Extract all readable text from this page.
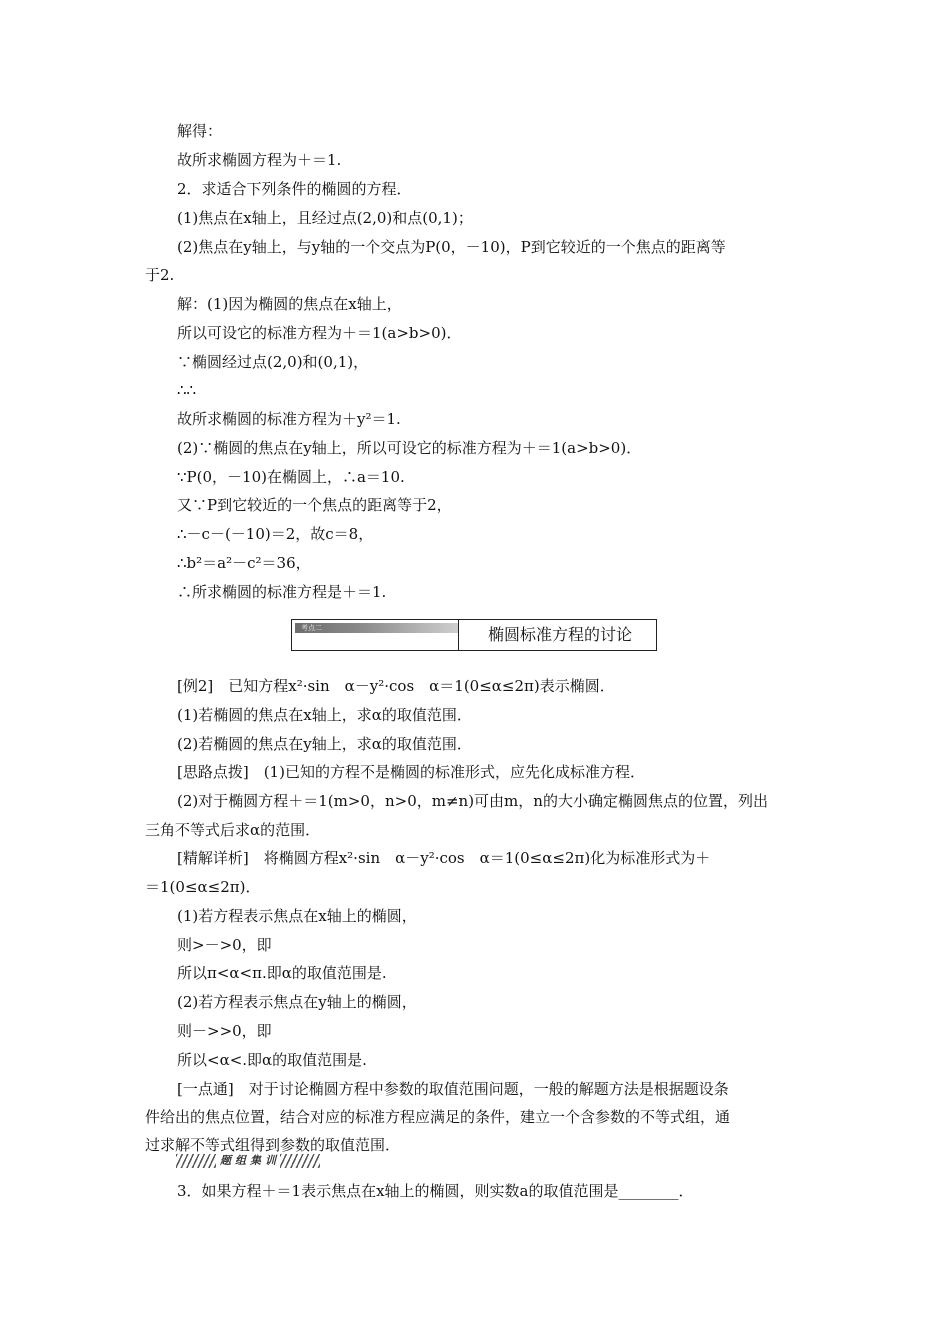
解得：
故所求椭圆方程为＋＝1.
2．求适合下列条件的椭圆的方程．
(1)焦点在x轴上，且经过点(2,0)和点(0,1)；
(2)焦点在y轴上，与y轴的一个交点为P(0，－10)，P到它较近的一个焦点的距离等
于2.
解：(1)因为椭圆的焦点在x轴上，
所以可设它的标准方程为＋＝1(a>b>0)．
∵椭圆经过点(2,0)和(0,1)，
∴∴
故所求椭圆的标准方程为＋y²＝1.
(2)∵椭圆的焦点在y轴上，所以可设它的标准方程为＋＝1(a>b>0)．
∵P(0，－10)在椭圆上，∴a＝10.
又∵P到它较近的一个焦点的距离等于2，
∴－c－(－10)＝2，故c＝8，
∴b²＝a²－c²＝36，
∴所求椭圆的标准方程是＋＝1.
考点二	椭圆标准方程的讨论
[例2]　已知方程x²·sin　α－y²·cos　α＝1(0≤α≤2π)表示椭圆．
(1)若椭圆的焦点在x轴上，求α的取值范围．
(2)若椭圆的焦点在y轴上，求α的取值范围．
[思路点拨]　(1)已知的方程不是椭圆的标准形式，应先化成标准方程．
(2)对于椭圆方程＋＝1(m>0，n>0，m≠n)可由m，n的大小确定椭圆焦点的位置，列出
三角不等式后求α的范围．
[精解详析]　将椭圆方程x²·sin　α－y²·cos　α＝1(0≤α≤2π)化为标准形式为＋
＝1(0≤α≤2π)．
(1)若方程表示焦点在x轴上的椭圆，
则>－>0，即
所以π<α<π.即α的取值范围是.
(2)若方程表示焦点在y轴上的椭圆，
则－>>0，即
所以<α<.即α的取值范围是.
[一点通]　对于讨论椭圆方程中参数的取值范围问题，一般的解题方法是根据题设条
件给出的焦点位置，结合对应的标准方程应满足的条件，建立一个含参数的不等式组，通
过求解不等式组得到参数的取值范围．
题组集训
3．如果方程＋＝1表示焦点在x轴上的椭圆，则实数a的取值范围是________．
